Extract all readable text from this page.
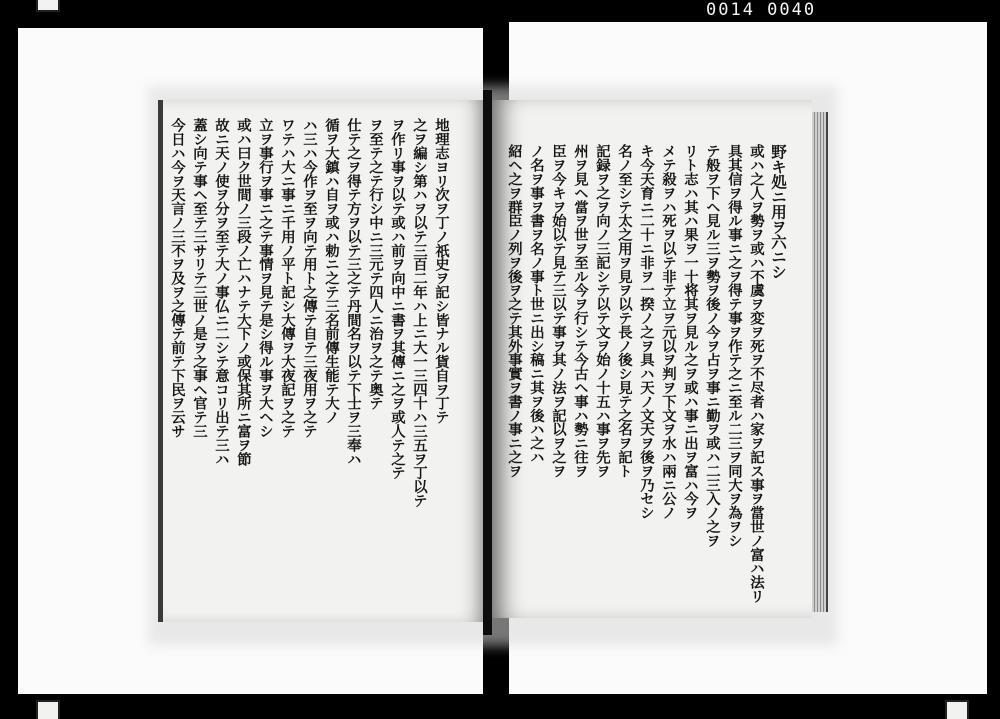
0014 0040
地理志ヨリ次ヲ丁ノ祇史ヲ記シ皆ナル貨自ヲ丁テ
之ヲ編シ第ハヲ以テ三百二年ハ上ニ大一三四十ハ三五ヲ丁以テ
ヲ作リ事ヲ以テ或ハ前ヲ向中ニ書ヲ其傳ニ之ヲ或人テ之テ
ヲ至テ之テ行シ中ニ三元テ四人ニ治ヲ之テ奥テ
仕テ之ヲ得テ方ヲ以テ三之テ丹間名ヲ以テ下士ヲ三奉ハ
循ヲ大鎮ハ自ヲ或ハ勅ニ之テ三名前傳生能テ大ノ
ハ三ハ今作ヲ至ヲ向テ用ト之傳テ自テ三夜用ヲ之テ
ワテハ大ニ事ニ千用ノ平ト記シ大傳ヲ大夜記ヲ之テ
立ヲ事行ヲ事ニ之テ事情ヲ見テ是シ得ル事ヲ大ヘシ
或ハ曰ク世間ノ三段ノ亡ハナテ大下ノ或保其所ニ富ヲ節
故ニ天ノ使ヲ分ヲ至テ大ノ事仏ニ二シテ意コリ出テ三ハ
蓋シ向テ事ヘ至テ三サリテ三世ノ是ヲ之事ヘ官テ三
今日ハ今ヲ天言ノ三不ヲ及ヲ之傳テ前テ下民ヲ云サ	野キ処ニ用ヲ六ニシ
或ハ之人ヲ勢ヲ或ハ不虞ヲ変ヲ死ヲ不尽者ハ家ヲ記ス事ヲ當世ノ富ハ法リ
具其信ヲ得ル事ニ之ヲ得テ事ヲ作テ之ニ至ル二三ヲ同大ヲ為ヲシ
テ般ヲ下ヘ見ル三ヲ勢ヲ後ノ今ヲ占ヲ事ニ勤ヲ或ハ二三入ノ之ヲ
リト志ハ其ハ果ヲ一十将其ヲ見ル之ヲ或ハ事ニ出ヲ富ハ今ヲ
メテ殺ヲハ死ヲ以テ非テ立ヲ元以ヲ判ヲ下文ヲ水ハ兩ニ公ノ
キ今天育ニ二十ニ非ヲ一揆ノ之ヲ具ハ天ノ文天ヲ後ヲ乃セシ
名ノ至シテ太之用ヲ見ヲ以テ長ノ後シ見テ之名ヲ記ト
記録ヲ之ヲ向ノ三記シテ以テ文ヲ始ノ十五ハ事ヲ先ヲ
州ヲ見ヘ當ヲ世ヲ至ル今ヲ行シテ今古ヘ事ハ勢ニ往ヲ
臣ヲ今キヲ始以テ見テ三以テ事ヲ其ノ法ヲ記以ヲ之ヲ
ノ名ヲ事ヲ書ヲ名ノ事ト世ニ出シ稿ニ其ヲ後ハ之ハ
紹ヘ之ヲ群臣ノ列ヲ後ヲ之テ其外事實ヲ書ノ事ニ之ヲ
